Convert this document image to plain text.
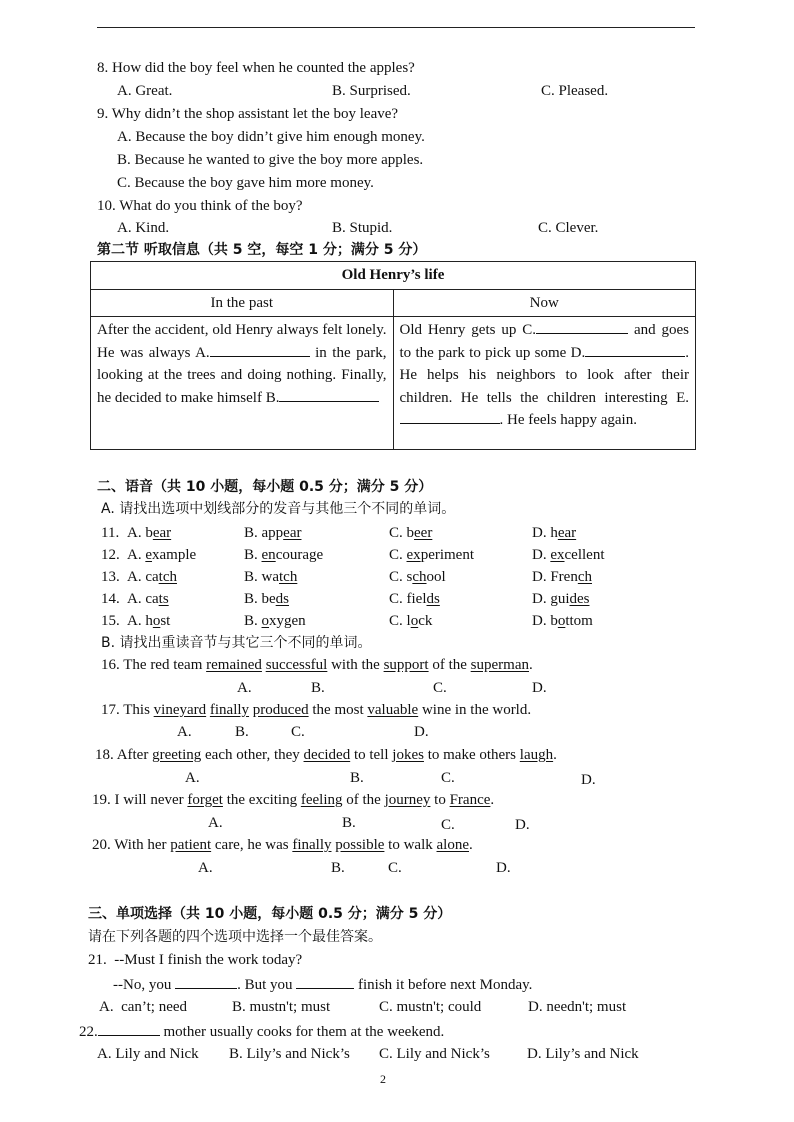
8. How did the boy feel when he counted the apples?
A. Great.	B. Surprised.	C. Pleased.
9. Why didn’t the shop assistant let the boy leave?
A. Because the boy didn’t give him enough money.
B. Because he wanted to give the boy more apples.
C. Because the boy gave him more money.
10. What do you think of the boy?
A. Kind.	B. Stupid.	C. Clever.
第二节 听取信息（共 5 空，每空 1 分；满分 5 分）
Old Henry’s life	
In the past	Now
After the accident, old Henry always felt lonely. He was always A. in the park, looking at the trees and doing nothing. Finally, he decided to make himself B.	Old Henry gets up C. and goes to the park to pick up some D. . He helps his neighbors to look after their children. He tells the children interesting E. . He feels happy again.
二、语音（共 10 小题，每小题 0.5 分；满分 5 分）
A. 请找出选项中划线部分的发音与其他三个不同的单词。
11. A. bear	B. appear	C. beer	D. hear
12. A. example	B. encourage	C. experiment	D. excellent
13. A. catch	B. watch	C. school	D. French
14. A. cats	B. beds	C. fields	D. guides
15. A. host	B. oxygen	C. lock	D. bottom
B. 请找出重读音节与其它三个不同的单词。
16. The red team remained successful with the support of the superman.
A.	B.	C.	D.
17. This vineyard finally produced the most valuable wine in the world.
A.	B.	C.	D.
18. After greeting each other, they decided to tell jokes to make others laugh.
A.	B.	C.	D.
19. I will never forget the exciting feeling of the journey to France.
A.	B.	C.	D.
20. With her patient care, he was finally possible to walk alone.
A.	B.	C.	D.
三、单项选择（共 10 小题，每小题 0.5 分；满分 5 分）
请在下列各题的四个选项中选择一个最佳答案。
21.  --Must I finish the work today?
--No, you	. But you	finish it before next Monday.
A.  can’t; need	B. mustn't; must	C. mustn't; could	D. needn't; must
22.	mother usually cooks for them at the weekend.
A. Lily and Nick B. Lily’s and Nick’s C. Lily and Nick’s D. Lily’s and Nick
2
